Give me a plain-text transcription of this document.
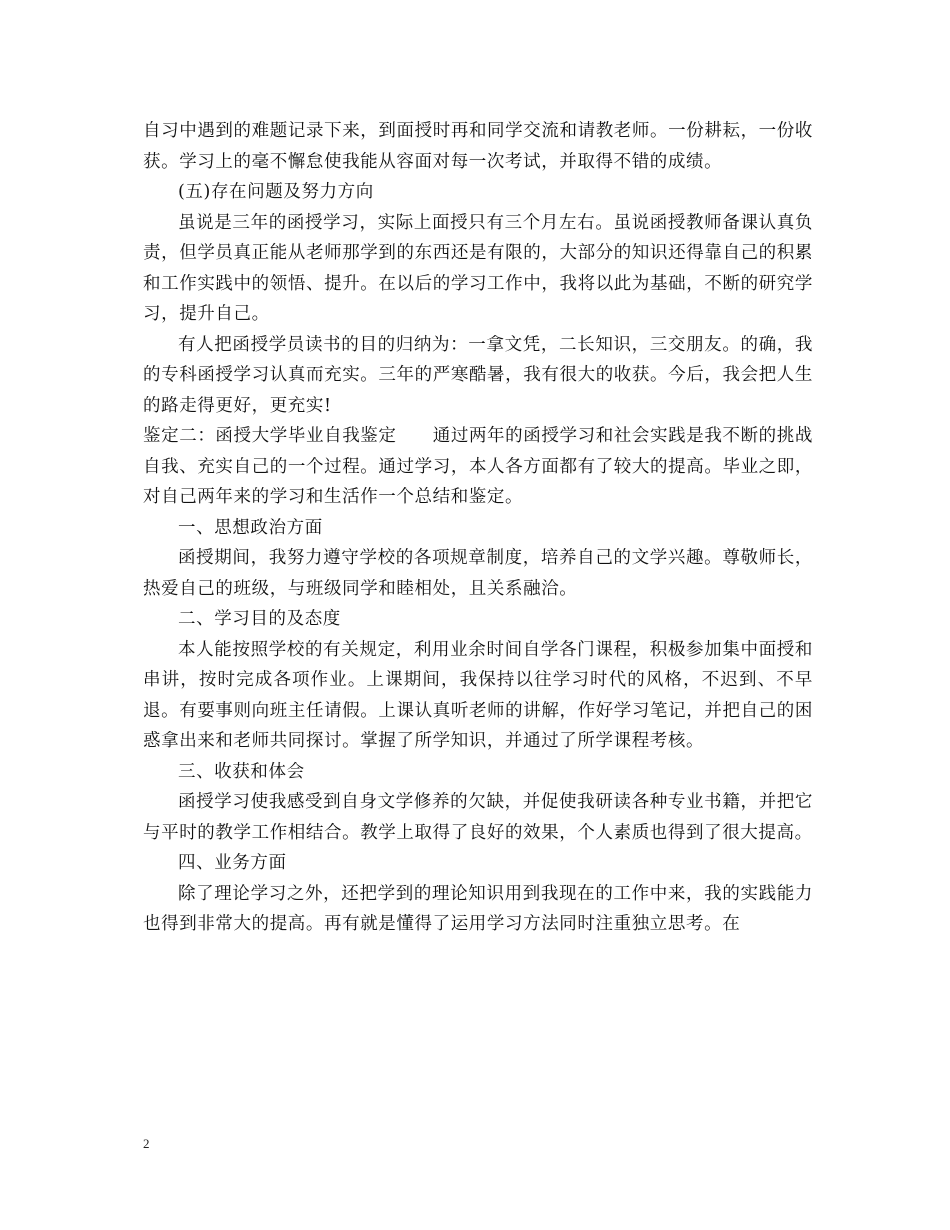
自习中遇到的难题记录下来，到面授时再和同学交流和请教老师。一份耕耘，一份收获。学习上的毫不懈怠使我能从容面对每一次考试，并取得不错的成绩。

(五)存在问题及努力方向

虽说是三年的函授学习，实际上面授只有三个月左右。虽说函授教师备课认真负责，但学员真正能从老师那学到的东西还是有限的，大部分的知识还得靠自己的积累和工作实践中的领悟、提升。在以后的学习工作中，我将以此为基础，不断的研究学习，提升自己。

有人把函授学员读书的目的归纳为：一拿文凭，二长知识，三交朋友。的确，我的专科函授学习认真而充实。三年的严寒酷暑，我有很大的收获。今后，我会把人生的路走得更好，更充实!

鉴定二：函授大学毕业自我鉴定　　通过两年的函授学习和社会实践是我不断的挑战自我、充实自己的一个过程。通过学习，本人各方面都有了较大的提高。毕业之即，对自己两年来的学习和生活作一个总结和鉴定。

一、思想政治方面

函授期间，我努力遵守学校的各项规章制度，培养自己的文学兴趣。尊敬师长，热爱自己的班级，与班级同学和睦相处，且关系融洽。

二、学习目的及态度

本人能按照学校的有关规定，利用业余时间自学各门课程，积极参加集中面授和串讲，按时完成各项作业。上课期间，我保持以往学习时代的风格，不迟到、不早退。有要事则向班主任请假。上课认真听老师的讲解，作好学习笔记，并把自己的困惑拿出来和老师共同探讨。掌握了所学知识，并通过了所学课程考核。

三、收获和体会

函授学习使我感受到自身文学修养的欠缺，并促使我研读各种专业书籍，并把它与平时的教学工作相结合。教学上取得了良好的效果，个人素质也得到了很大提高。

四、业务方面

除了理论学习之外，还把学到的理论知识用到我现在的工作中来，我的实践能力也得到非常大的提高。再有就是懂得了运用学习方法同时注重独立思考。在

2
